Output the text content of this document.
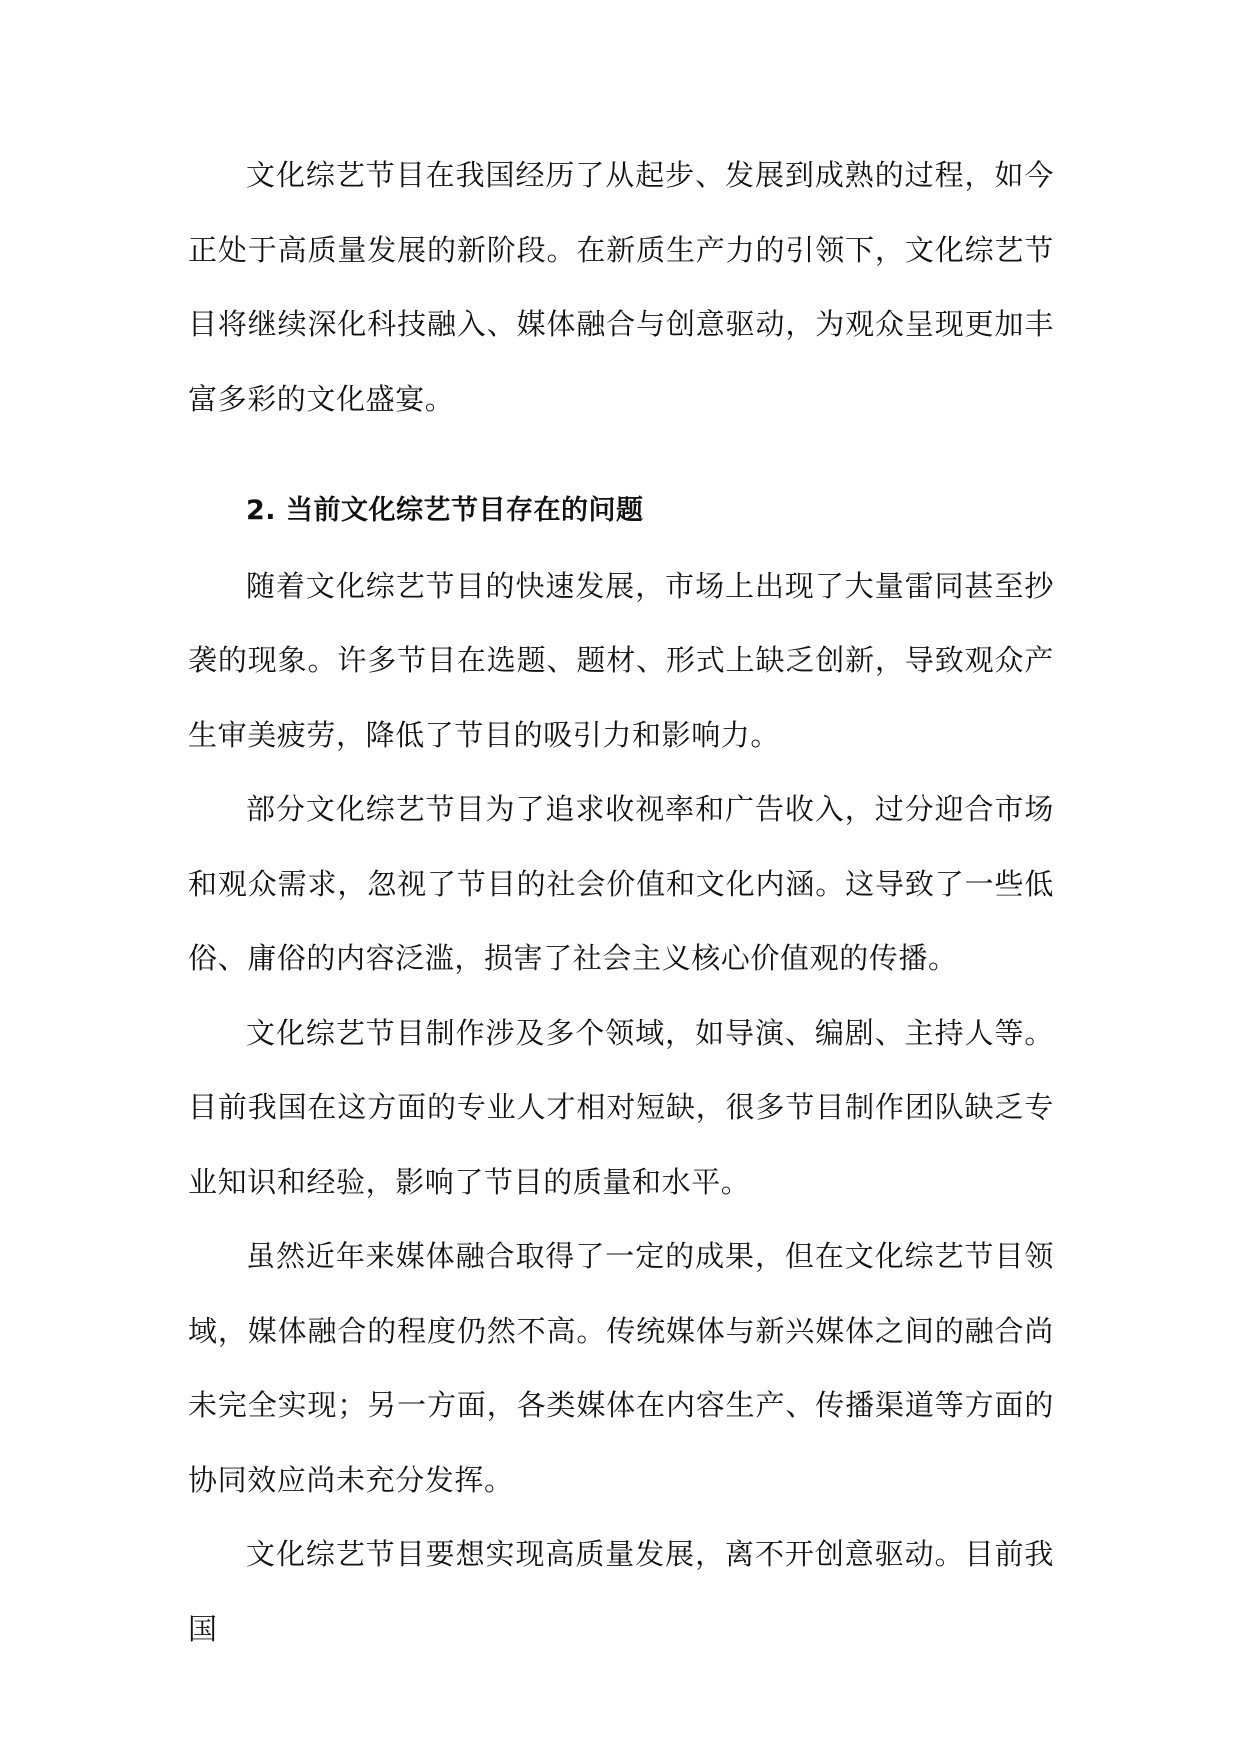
文化综艺节目在我国经历了从起步、发展到成熟的过程，如今正处于高质量发展的新阶段。在新质生产力的引领下，文化综艺节目将继续深化科技融入、媒体融合与创意驱动，为观众呈现更加丰富多彩的文化盛宴。

2. 当前文化综艺节目存在的问题

随着文化综艺节目的快速发展，市场上出现了大量雷同甚至抄袭的现象。许多节目在选题、题材、形式上缺乏创新，导致观众产生审美疲劳，降低了节目的吸引力和影响力。

部分文化综艺节目为了追求收视率和广告收入，过分迎合市场和观众需求，忽视了节目的社会价值和文化内涵。这导致了一些低俗、庸俗的内容泛滥，损害了社会主义核心价值观的传播。

文化综艺节目制作涉及多个领域，如导演、编剧、主持人等。目前我国在这方面的专业人才相对短缺，很多节目制作团队缺乏专业知识和经验，影响了节目的质量和水平。

虽然近年来媒体融合取得了一定的成果，但在文化综艺节目领域，媒体融合的程度仍然不高。传统媒体与新兴媒体之间的融合尚未完全实现；另一方面，各类媒体在内容生产、传播渠道等方面的协同效应尚未充分发挥。

文化综艺节目要想实现高质量发展，离不开创意驱动。目前我国
